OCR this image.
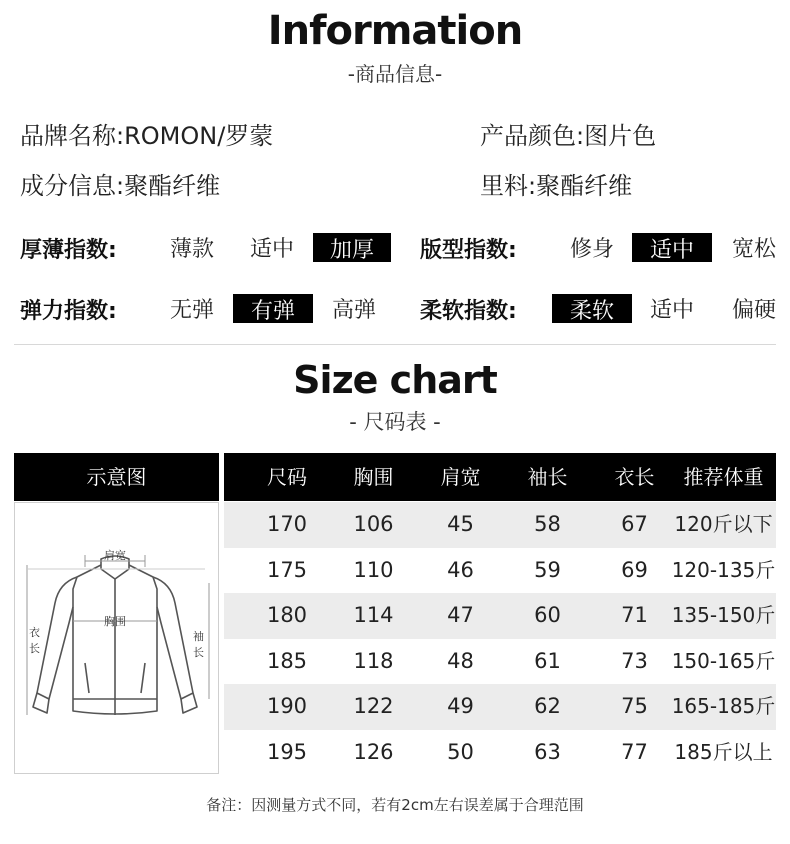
Information
-商品信息-
品牌名称:ROMON/罗蒙	产品颜色:图片色
成分信息:聚酯纤维	里料:聚酯纤维
厚薄指数:	薄款	适中	加厚	版型指数:	修身	适中	宽松
弹力指数:	无弹	有弹	高弹	柔软指数:	柔软	适中	偏硬
Size chart
- 尺码表 -
示意图	尺码	胸围	肩宽	袖长	衣长	推荐体重
肩宽
胸围
衣长
袖长
170	106	45	58	67	120斤以下
175	110	46	59	69	120-135斤
180	114	47	60	71	135-150斤
185	118	48	61	73	150-165斤
190	122	49	62	75	165-185斤
195	126	50	63	77	185斤以上
备注：因测量方式不同，若有2cm左右误差属于合理范围
